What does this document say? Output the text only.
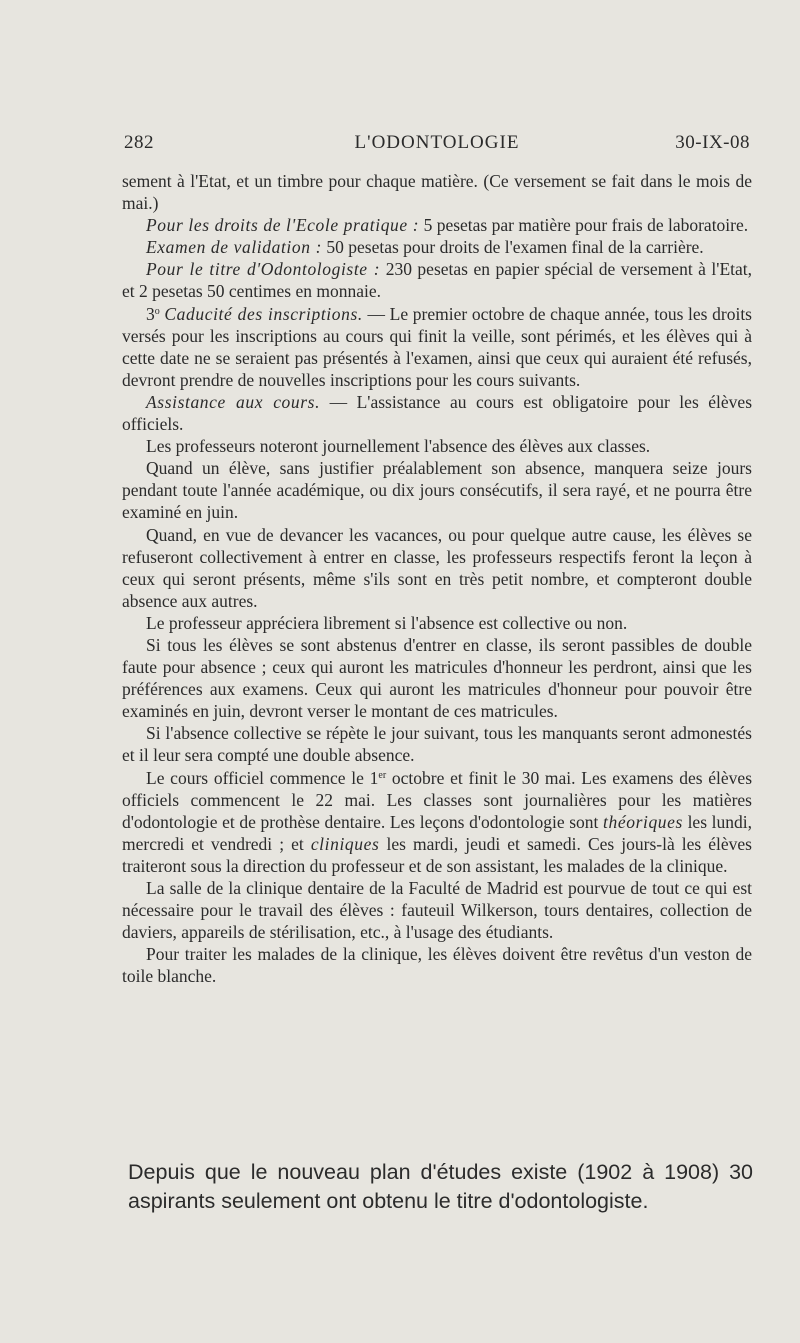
282	L'ODONTOLOGIE	30-IX-08

sement à l'Etat, et un timbre pour chaque matière. (Ce versement se fait dans le mois de mai.)

Pour les droits de l'Ecole pratique : 5 pesetas par matière pour frais de laboratoire.

Examen de validation : 50 pesetas pour droits de l'examen final de la carrière.

Pour le titre d'Odontologiste : 230 pesetas en papier spécial de versement à l'Etat, et 2 pesetas 50 centimes en monnaie.

3$^o$ Caducité des inscriptions. — Le premier octobre de chaque année, tous les droits versés pour les inscriptions au cours qui finit la veille, sont périmés, et les élèves qui à cette date ne se seraient pas présentés à l'examen, ainsi que ceux qui auraient été refusés, devront prendre de nouvelles inscriptions pour les cours suivants.

Assistance aux cours. — L'assistance au cours est obligatoire pour les élèves officiels.

Les professeurs noteront journellement l'absence des élèves aux classes.

Quand un élève, sans justifier préalablement son absence, manquera seize jours pendant toute l'année académique, ou dix jours consécutifs, il sera rayé, et ne pourra être examiné en juin.

Quand, en vue de devancer les vacances, ou pour quelque autre cause, les élèves se refuseront collectivement à entrer en classe, les professeurs respectifs feront la leçon à ceux qui seront présents, même s'ils sont en très petit nombre, et compteront double absence aux autres.

Le professeur appréciera librement si l'absence est collective ou non.

Si tous les élèves se sont abstenus d'entrer en classe, ils seront passibles de double faute pour absence ; ceux qui auront les matricules d'honneur les perdront, ainsi que les préférences aux examens. Ceux qui auront les matricules d'honneur pour pouvoir être examinés en juin, devront verser le montant de ces matricules.

Si l'absence collective se répète le jour suivant, tous les manquants seront admonestés et il leur sera compté une double absence.

Le cours officiel commence le 1er octobre et finit le 30 mai. Les examens des élèves officiels commencent le 22 mai. Les classes sont journalières pour les matières d'odontologie et de prothèse dentaire. Les leçons d'odontologie sont théoriques les lundi, mercredi et vendredi ; et cliniques les mardi, jeudi et samedi. Ces jours-là les élèves traiteront sous la direction du professeur et de son assistant, les malades de la clinique.

La salle de la clinique dentaire de la Faculté de Madrid est pourvue de tout ce qui est nécessaire pour le travail des élèves : fauteuil Wilkerson, tours dentaires, collection de daviers, appareils de stérilisation, etc., à l'usage des étudiants.

Pour traiter les malades de la clinique, les élèves doivent être revêtus d'un veston de toile blanche.

Depuis que le nouveau plan d'études existe (1902 à 1908) 30 aspirants seulement ont obtenu le titre d'odontologiste.
